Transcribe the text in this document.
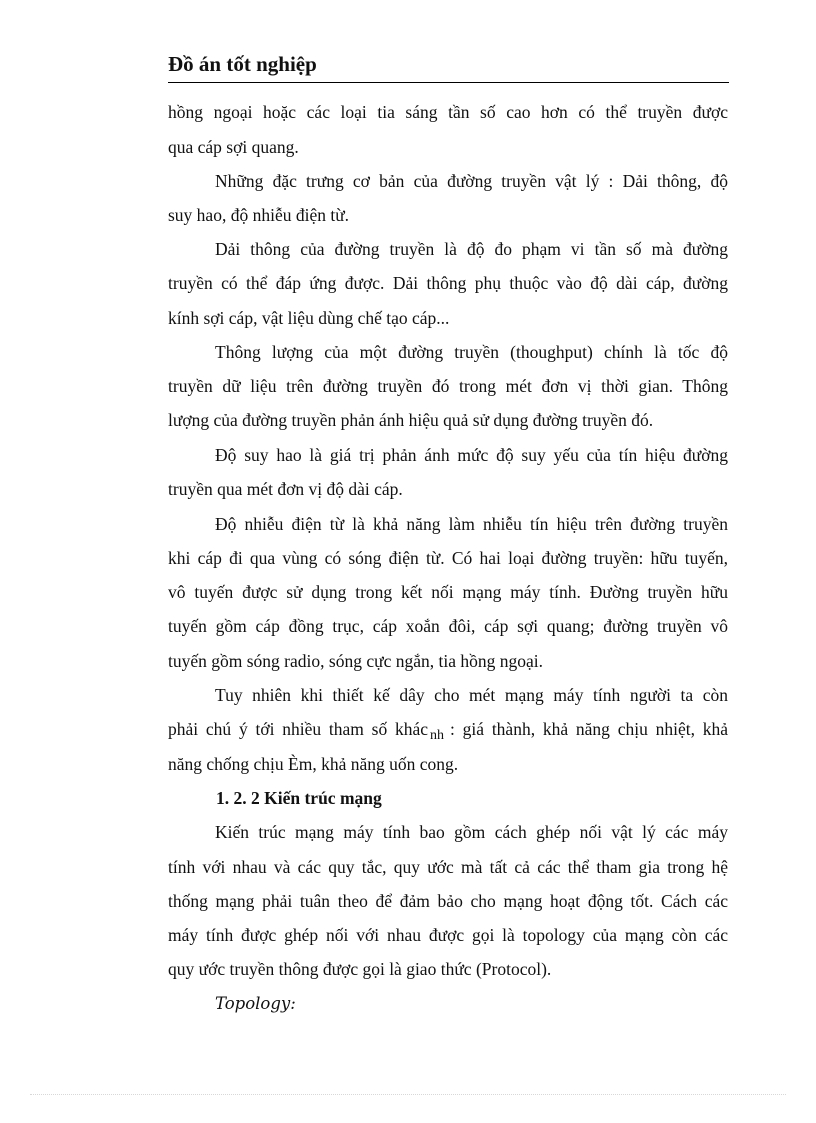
Đồ án tốt nghiệp
hồng ngoại hoặc các loại tia sáng tần số cao hơn có thể truyền được
qua cáp sợi quang.
Những đặc trưng cơ bản của đường truyền vật lý : Dải thông, độ
suy hao, độ nhiễu điện từ.
Dải thông của đường truyền là độ đo phạm vi tần số mà đường
truyền có thể đáp ứng được. Dải thông phụ thuộc vào độ dài cáp, đường
kính sợi cáp, vật liệu dùng chế tạo cáp...
Thông lượng của một đường truyền (thoughput) chính là tốc độ
truyền dữ liệu trên đường truyền đó trong mét đơn vị thời gian. Thông
lượng của đường truyền phản ánh hiệu quả sử dụng đường truyền đó.
Độ suy hao là giá trị phản ánh mức độ suy yếu của tín hiệu đường
truyền qua mét đơn vị độ dài cáp.
Độ nhiễu điện từ là khả năng làm nhiễu tín hiệu trên đường truyền
khi cáp đi qua vùng có sóng điện từ. Có hai loại đường truyền: hữu tuyến,
vô tuyến được sử dụng trong kết nối mạng máy tính. Đường truyền hữu
tuyến gồm cáp đồng trục, cáp xoắn đôi, cáp sợi quang; đường truyền vô
tuyến gồm sóng radio, sóng cực ngắn, tia hồng ngoại.
Tuy nhiên khi thiết kế dây cho mét mạng máy tính người ta còn
phải chú ý tới nhiều tham số khác $_{nh}$ : giá thành, khả năng chịu nhiệt, khả
năng chống chịu Èm, khả năng uốn cong.
1. 2. 2 Kiến trúc mạng
Kiến trúc mạng máy tính bao gồm cách ghép nối vật lý các máy
tính với nhau và các quy tắc, quy ước mà tất cả các thể tham gia trong hệ
thống mạng phải tuân theo để đảm bảo cho mạng hoạt động tốt. Cách các
máy tính được ghép nối với nhau được gọi là topology của mạng còn các
quy ước truyền thông được gọi là giao thức (Protocol).
Topology:
